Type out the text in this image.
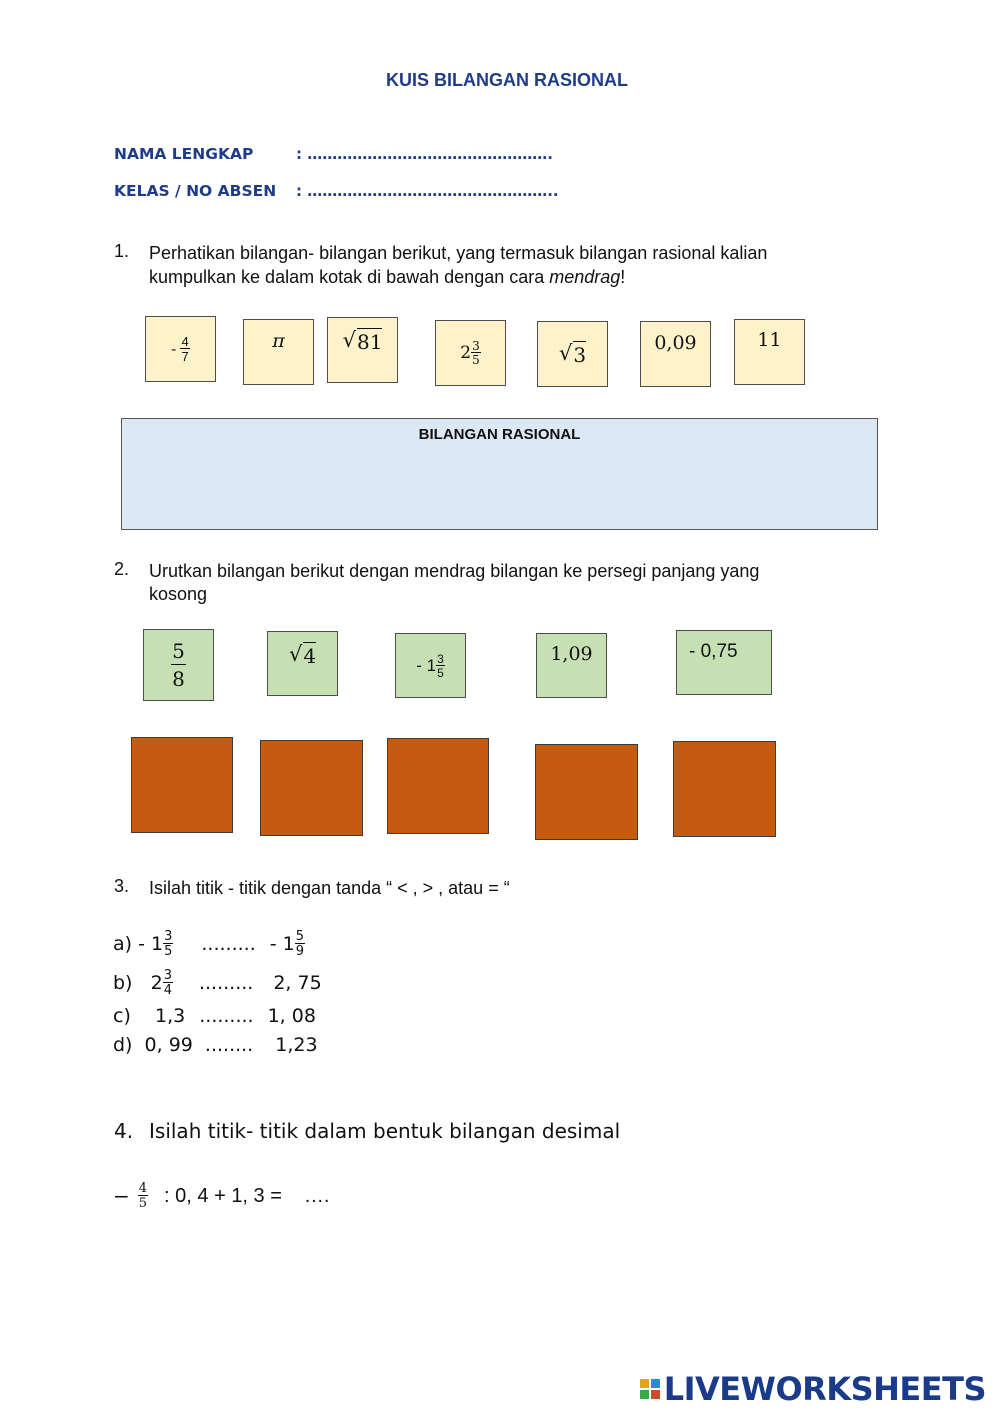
KUIS BILANGAN RASIONAL
NAMA LENGKAP	: ………………………………………….
KELAS / NO ABSEN : …………………………………………..
1. Perhatikan bilangan- bilangan berikut, yang termasuk bilangan rasional kalian
kumpulkan ke dalam kotak di bawah dengan cara mendrag!
-
$\frac{4}{7}$	π	√ 81	$2 \frac{3}{5}$	√ 3	0,09	11
BILANGAN RASIONAL
2. Urutkan bilangan berikut dengan mendrag bilangan ke persegi panjang yang
kosong
$\frac{5}{8}$	√ 4	- $1 \frac{3}{5}$	1,09	- 0,75
3. Isilah titik - titik dengan tanda “ < , > , atau = “
$a) - 1 \frac{3}{5}$ ......... - $1 \frac{5}{9}$
b)   $2 \frac{3}{4}$ ......... 2, 75
c)    1,3 ......... 1, 08
d)  0, 99 ........ 1,23
4. Isilah titik- titik dalam bentuk bilangan desimal
− $\frac{4}{5}$ : 0, 4 + 1, 3 = ….
LIVEWORKSHEETS
